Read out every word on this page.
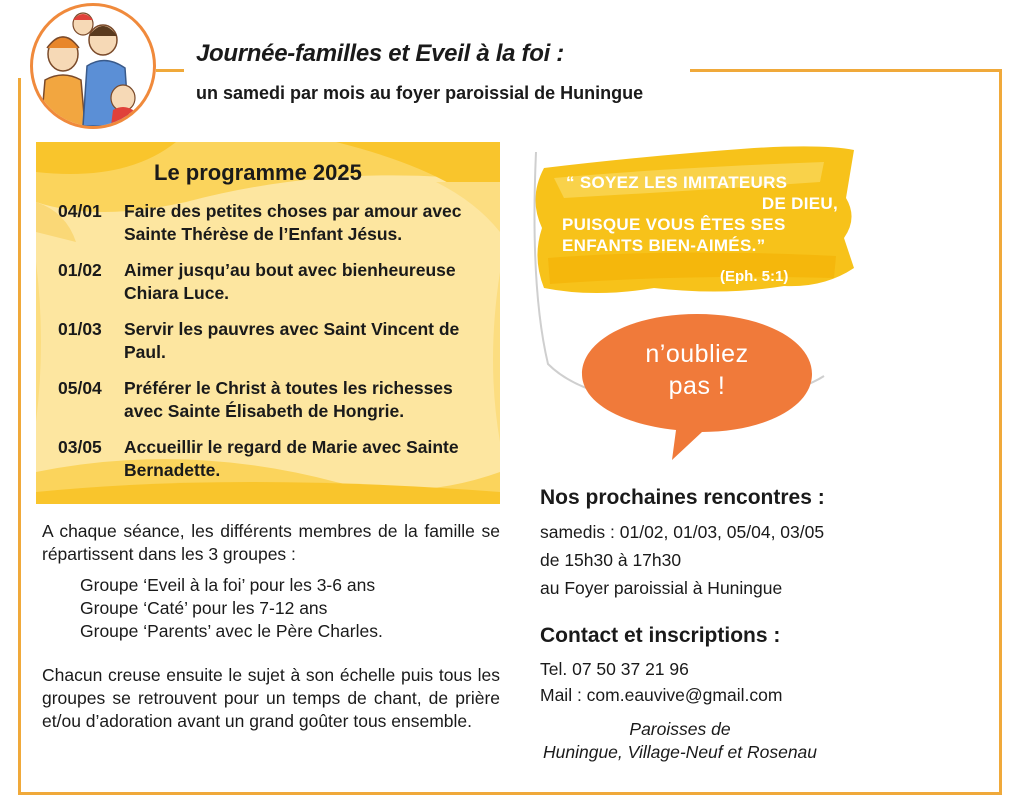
Journée-familles et Eveil à la foi :
un samedi par mois au foyer paroissial de Huningue
Le programme 2025
04/01	Faire des petites choses par amour avec Sainte Thérèse de l’Enfant Jésus.
01/02	Aimer jusqu’au bout avec bienheureuse Chiara Luce.
01/03	Servir les pauvres avec Saint Vincent de Paul.
05/04	Préférer le Christ à toutes les richesses avec Sainte Élisabeth de Hongrie.
03/05	Accueillir le regard de Marie avec Sainte Bernadette.
A chaque séance, les différents membres de la famille se répartissent dans les 3 groupes :
Groupe ‘Eveil à la foi’ pour les 3-6 ans
Groupe ‘Caté’ pour les 7-12 ans
Groupe ‘Parents’ avec le Père Charles.
Chacun creuse ensuite le sujet à son échelle puis tous les groupes se retrouvent pour un temps de chant, de prière et/ou d’adoration avant un grand goûter tous ensemble.
“ SOYEZ LES IMITATEURS
DE DIEU,
PUISQUE VOUS ÊTES SES
ENFANTS BIEN-AIMÉS.”
(Eph. 5:1)
n’oubliez
pas !
Nos prochaines rencontres :
samedis : 01/02, 01/03, 05/04, 03/05
de 15h30 à 17h30
au Foyer paroissial à Huningue
Contact et inscriptions :
Tel. 07 50 37 21 96
Mail : com.eauvive@gmail.com
Paroisses de
Huningue, Village-Neuf et Rosenau
